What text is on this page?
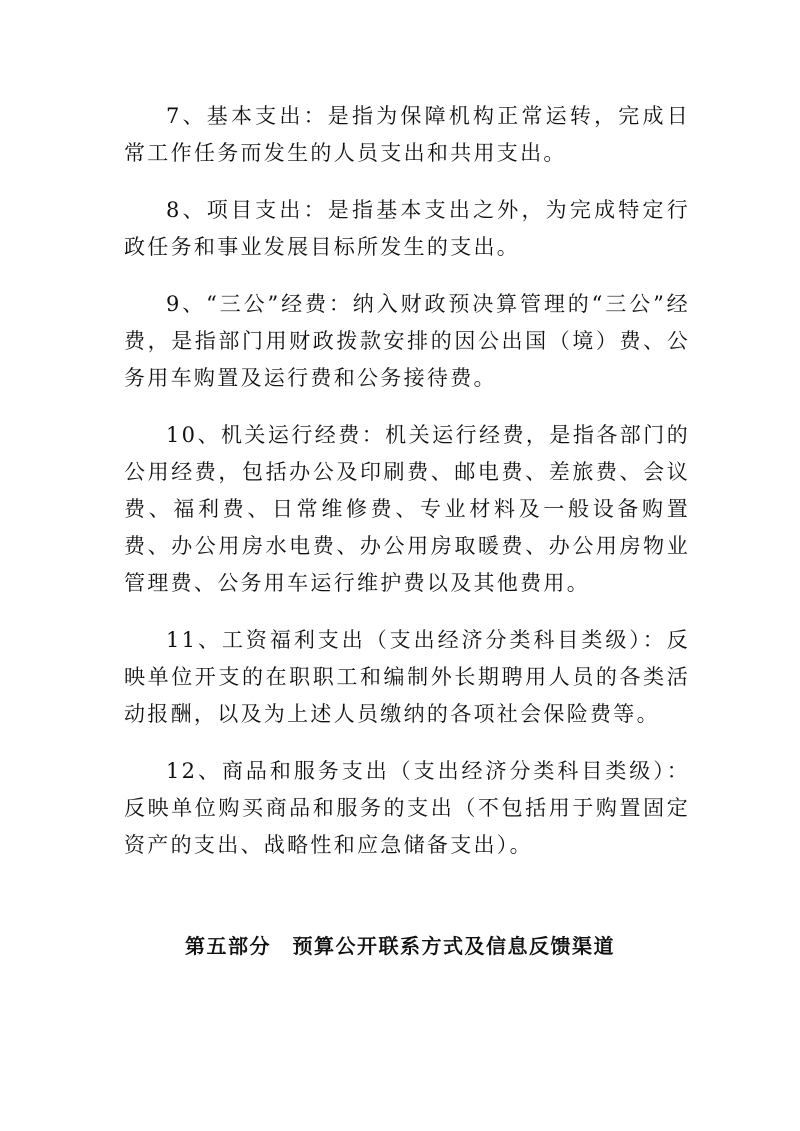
7、基本支出：是指为保障机构正常运转，完成日常工作任务而发生的人员支出和共用支出。

8、项目支出：是指基本支出之外，为完成特定行政任务和事业发展目标所发生的支出。

9、“三公”经费：纳入财政预决算管理的“三公”经费，是指部门用财政拨款安排的因公出国（境）费、公务用车购置及运行费和公务接待费。

10、机关运行经费：机关运行经费，是指各部门的公用经费，包括办公及印刷费、邮电费、差旅费、会议费、福利费、日常维修费、专业材料及一般设备购置费、办公用房水电费、办公用房取暖费、办公用房物业管理费、公务用车运行维护费以及其他费用。

11、工资福利支出（支出经济分类科目类级）：反映单位开支的在职职工和编制外长期聘用人员的各类活动报酬，以及为上述人员缴纳的各项社会保险费等。

12、商品和服务支出（支出经济分类科目类级）：反映单位购买商品和服务的支出（不包括用于购置固定资产的支出、战略性和应急储备支出）。

第五部分　预算公开联系方式及信息反馈渠道
